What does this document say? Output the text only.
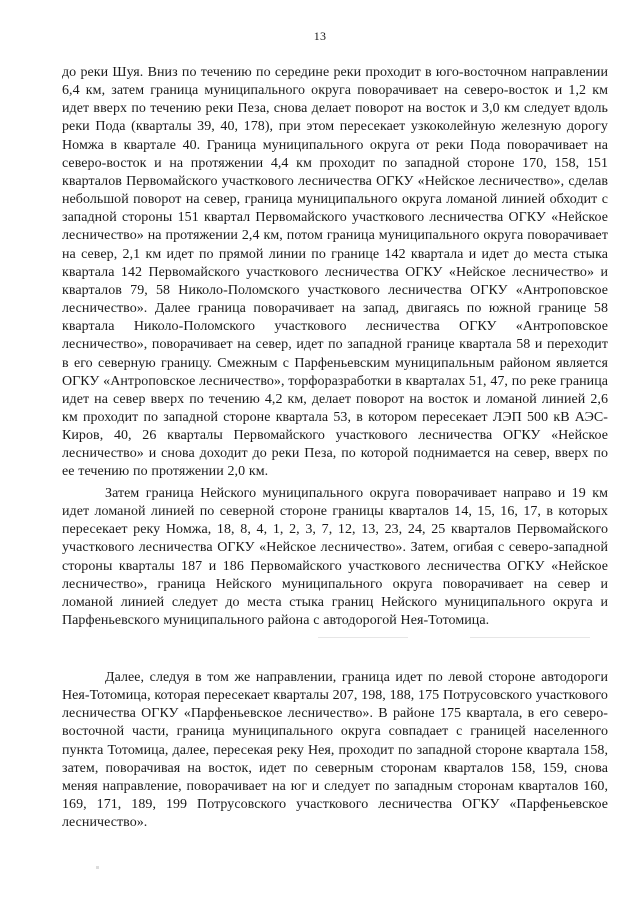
13

до реки Шуя. Вниз по течению по середине реки проходит в юго-восточном направлении 6,4 км, затем граница муниципального округа поворачивает на северо-восток и 1,2 км идет вверх по течению реки Пеза, снова делает поворот на восток и 3,0 км следует вдоль реки Пода (кварталы 39, 40, 178), при этом пересекает узкоколейную железную дорогу Номжа в квартале 40. Граница муниципального округа от реки Пода поворачивает на северо-восток и на протяжении 4,4 км проходит по западной стороне 170, 158, 151 кварталов Первомайского участкового лесничества ОГКУ «Нейское лесничество», сделав небольшой поворот на север, граница муниципального округа ломаной линией обходит с западной стороны 151 квартал Первомайского участкового лесничества ОГКУ «Нейское лесничество» на протяжении 2,4 км, потом граница муниципального округа поворачивает на север, 2,1 км идет по прямой линии по границе 142 квартала и идет до места стыка квартала 142 Первомайского участкового лесничества ОГКУ «Нейское лесничество» и кварталов 79, 58 Николо-Поломского участкового лесничества ОГКУ «Антроповское лесничество». Далее граница поворачивает на запад, двигаясь по южной границе 58 квартала Николо-Поломского участкового лесничества ОГКУ «Антроповское лесничество», поворачивает на север, идет по западной границе квартала 58 и переходит в его северную границу. Смежным с Парфеньевским муниципальным районом является ОГКУ «Антроповское лесничество», торфоразработки в кварталах 51, 47, по реке граница идет на север вверх по течению 4,2 км, делает поворот на восток и ломаной линией 2,6 км проходит по западной стороне квартала 53, в котором пересекает ЛЭП 500 кВ АЭС-Киров, 40, 26 кварталы Первомайского участкового лесничества ОГКУ «Нейское лесничество» и снова доходит до реки Пеза, по которой поднимается на север, вверх по ее течению по протяжении 2,0 км.

Затем граница Нейского муниципального округа поворачивает направо и 19 км идет ломаной линией по северной стороне границы кварталов 14, 15, 16, 17, в которых пересекает реку Номжа, 18, 8, 4, 1, 2, 3, 7, 12, 13, 23, 24, 25 кварталов Первомайского участкового лесничества ОГКУ «Нейское лесничество». Затем, огибая с северо-западной стороны кварталы 187 и 186 Первомайского участкового лесничества ОГКУ «Нейское лесничество», граница Нейского муниципального округа поворачивает на север и ломаной линией следует до места стыка границ Нейского муниципального округа и Парфеньевского муниципального района с автодорогой Нея-Тотомица.

Далее, следуя в том же направлении, граница идет по левой стороне автодороги Нея-Тотомица, которая пересекает кварталы 207, 198, 188, 175 Потрусовского участкового лесничества ОГКУ «Парфеньевское лесничество». В районе 175 квартала, в его северо-восточной части, граница муниципального округа совпадает с границей населенного пункта Тотомица, далее, пересекая реку Нея, проходит по западной стороне квартала 158, затем, поворачивая на восток, идет по северным сторонам кварталов 158, 159, снова меняя направление, поворачивает на юг и следует по западным сторонам кварталов 160, 169, 171, 189, 199 Потрусовского участкового лесничества ОГКУ «Парфеньевское лесничество».
